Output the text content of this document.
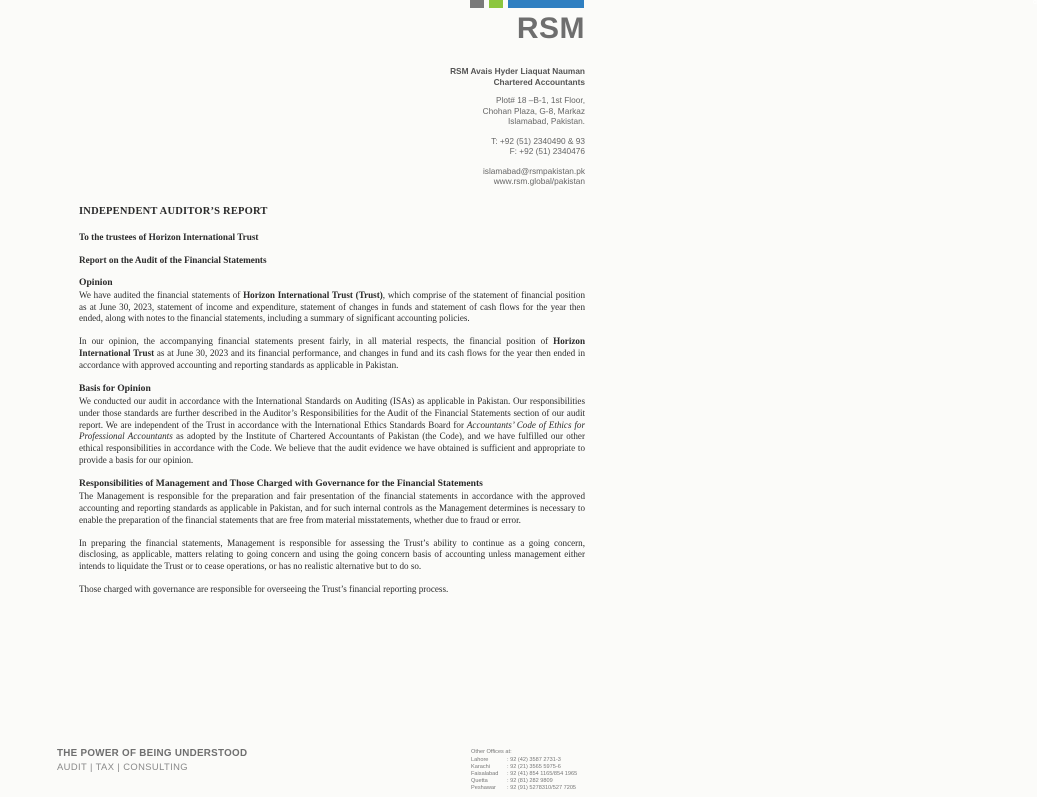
d
RSM
RSM Avais Hyder Liaquat Nauman
Chartered Accountants
Plot# 18 –B-1, 1st Floor,
Chohan Plaza, G-8, Markaz
Islamabad, Pakistan.
T: +92 (51) 2340490 & 93
F: +92 (51) 2340476
islamabad@rsmpakistan.pk
www.rsm.global/pakistan
INDEPENDENT AUDITOR’S REPORT
To the trustees of Horizon International Trust
Report on the Audit of the Financial Statements
Opinion

We have audited the financial statements of Horizon International Trust (Trust), which comprise of the statement of financial position as at June 30, 2023, statement of income and expenditure, statement of changes in funds and statement of cash flows for the year then ended, along with notes to the financial statements, including a summary of significant accounting policies.

In our opinion, the accompanying financial statements present fairly, in all material respects, the financial position of Horizon International Trust as at June 30, 2023 and its financial performance, and changes in fund and its cash flows for the year then ended in accordance with approved accounting and reporting standards as applicable in Pakistan.

Basis for Opinion

We conducted our audit in accordance with the International Standards on Auditing (ISAs) as applicable in Pakistan. Our responsibilities under those standards are further described in the Auditor’s Responsibilities for the Audit of the Financial Statements section of our audit report. We are independent of the Trust in accordance with the International Ethics Standards Board for Accountants’ Code of Ethics for Professional Accountants as adopted by the Institute of Chartered Accountants of Pakistan (the Code), and we have fulfilled our other ethical responsibilities in accordance with the Code. We believe that the audit evidence we have obtained is sufficient and appropriate to provide a basis for our opinion.

Responsibilities of Management and Those Charged with Governance for the Financial Statements

The Management is responsible for the preparation and fair presentation of the financial statements in accordance with the approved accounting and reporting standards as applicable in Pakistan, and for such internal controls as the Management determines is necessary to enable the preparation of the financial statements that are free from material misstatements, whether due to fraud or error.

In preparing the financial statements, Management is responsible for assessing the Trust’s ability to continue as a going concern, disclosing, as applicable, matters relating to going concern and using the going concern basis of accounting unless management either intends to liquidate the Trust or to cease operations, or has no realistic alternative but to do so.

Those charged with governance are responsible for overseeing the Trust’s financial reporting process.

THE POWER OF BEING UNDERSTOOD
AUDIT | TAX | CONSULTING
Other Offices at:
Lahore	: 92 (42) 3587 2731-3
Karachi	: 92 (21) 3565 5975-6
Faisalabad : 92 (41) 854 1165/854 1965
Quetta	: 92 (81) 282 9809
Peshawar : 92 (91) 5278310/527 7205
